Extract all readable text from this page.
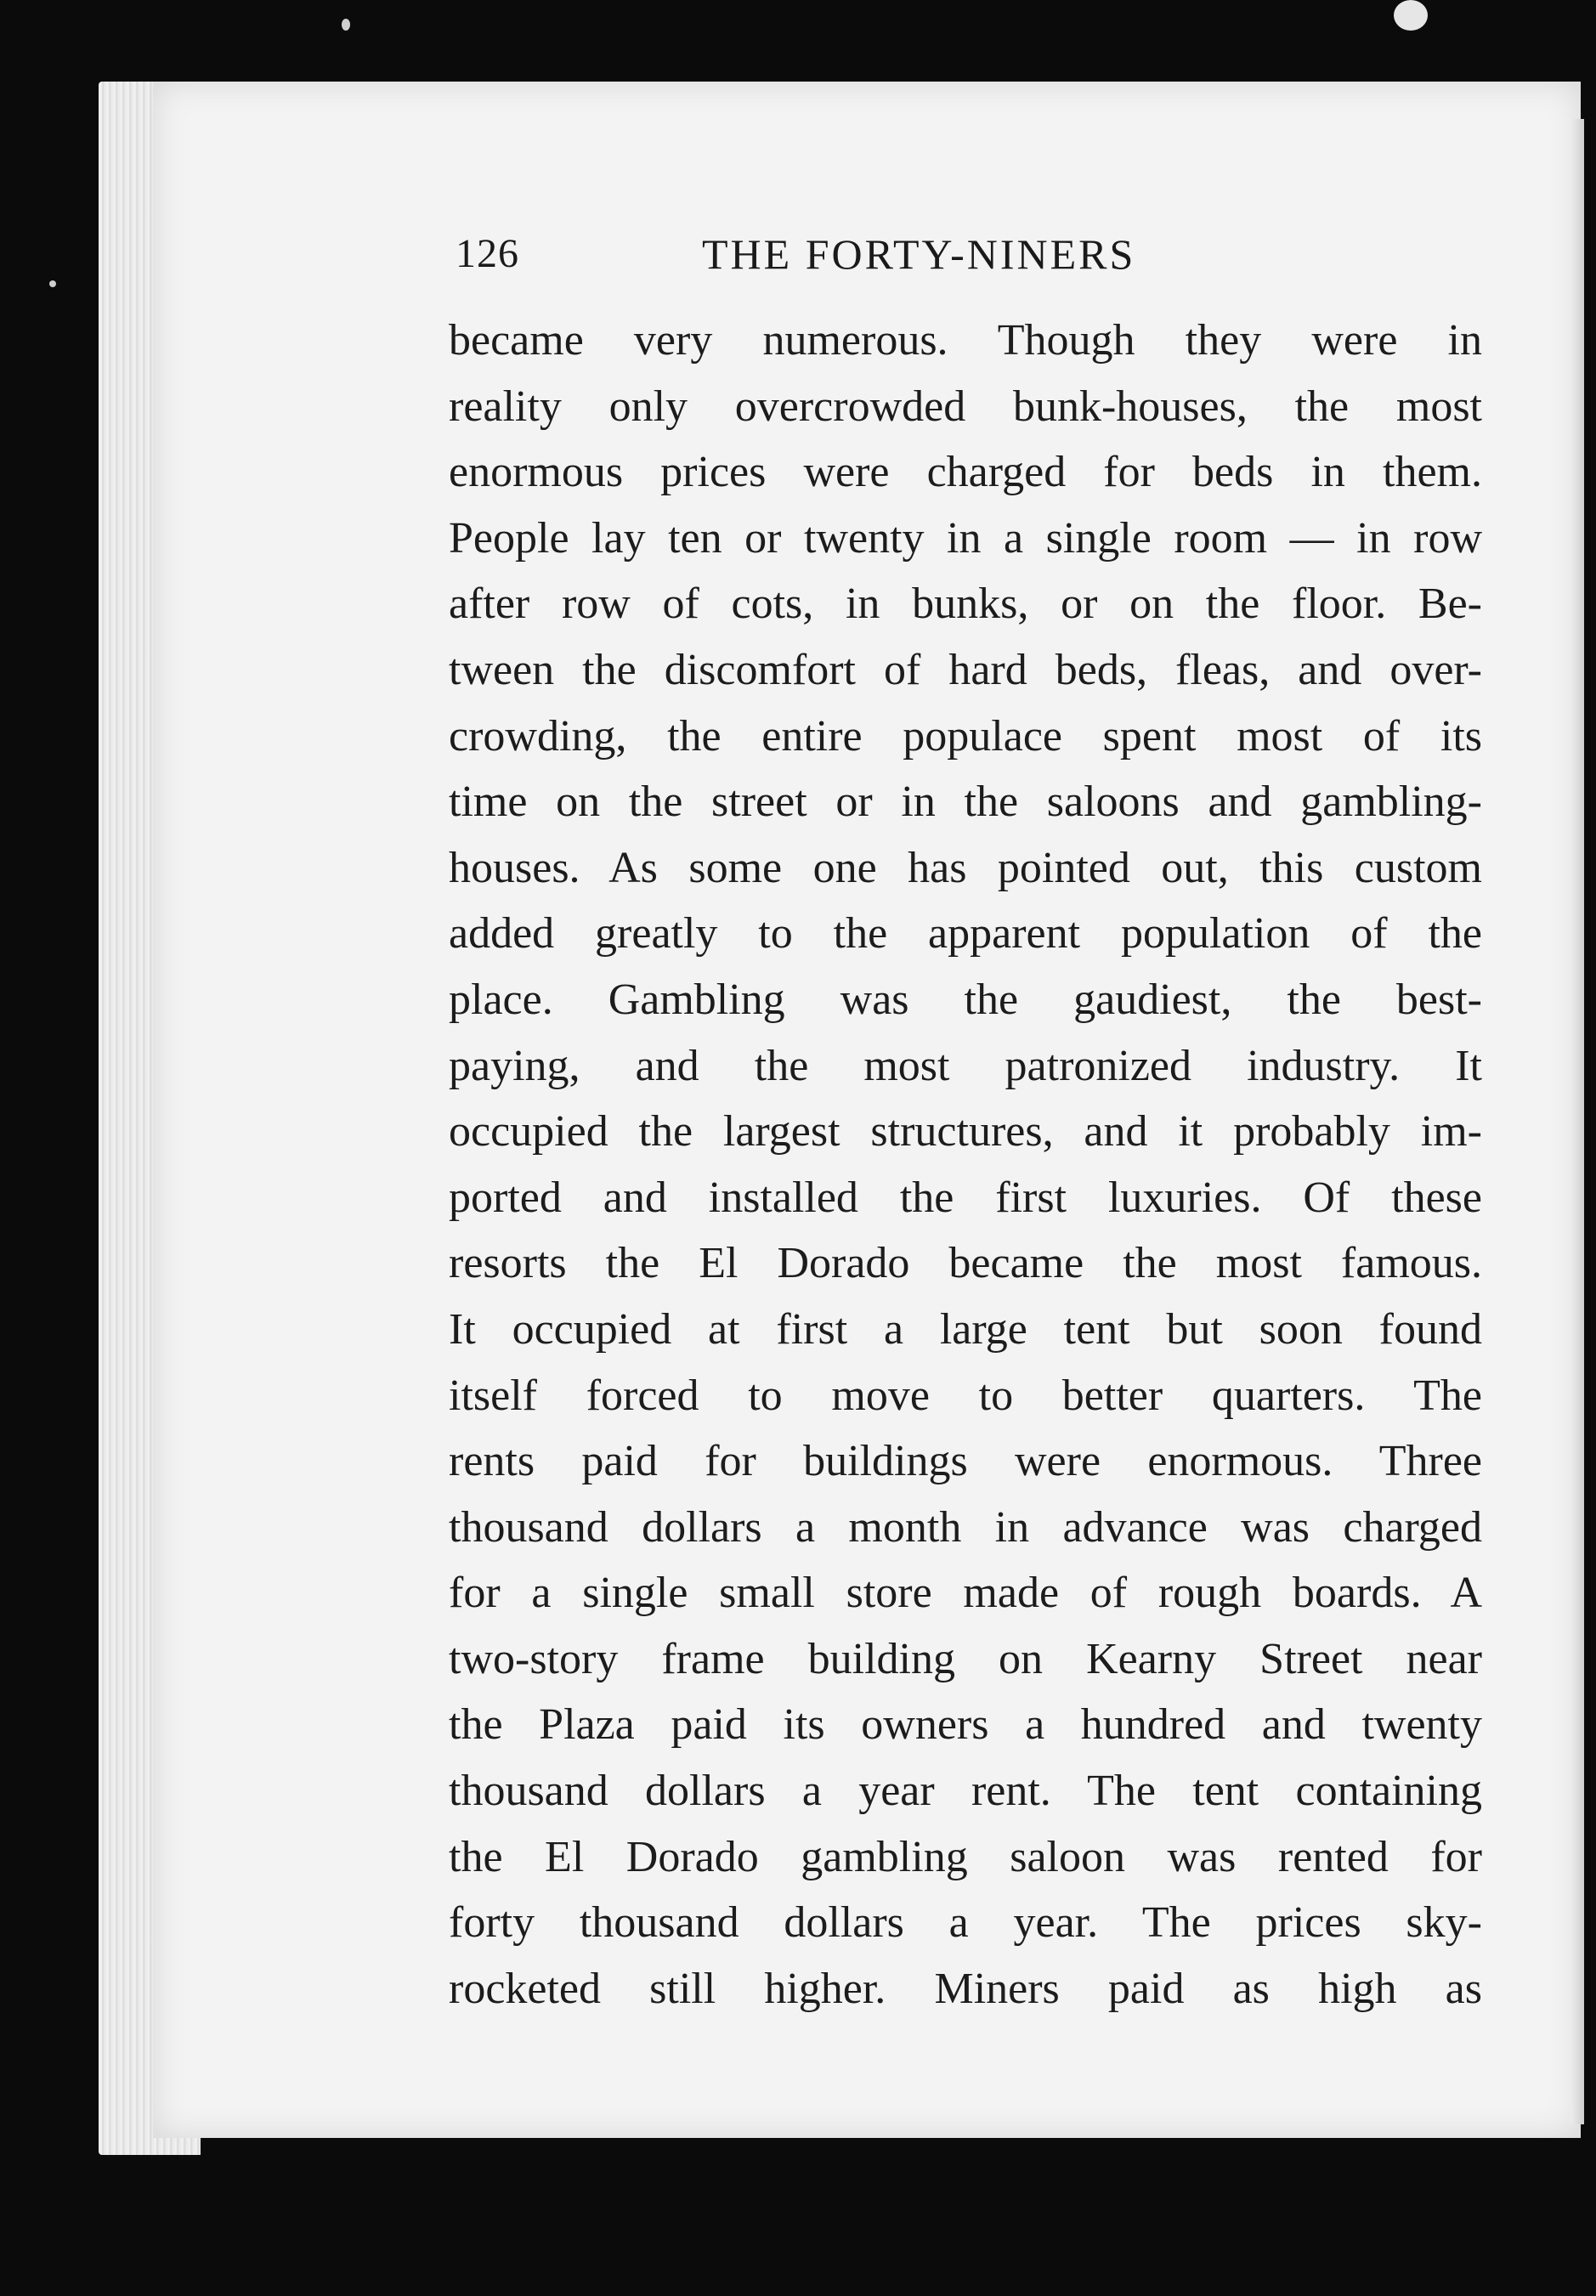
126	THE FORTY-NINERS
became very numerous. Though they were in
reality only overcrowded bunk-houses, the most
enormous prices were charged for beds in them.
People lay ten or twenty in a single room — in row
after row of cots, in bunks, or on the floor. Be-
tween the discomfort of hard beds, fleas, and over-
crowding, the entire populace spent most of its
time on the street or in the saloons and gambling-
houses. As some one has pointed out, this custom
added greatly to the apparent population of the
place. Gambling was the gaudiest, the best-
paying, and the most patronized industry. It
occupied the largest structures, and it probably im-
ported and installed the first luxuries. Of these
resorts the El Dorado became the most famous.
It occupied at first a large tent but soon found
itself forced to move to better quarters. The
rents paid for buildings were enormous. Three
thousand dollars a month in advance was charged
for a single small store made of rough boards. A
two-story frame building on Kearny Street near
the Plaza paid its owners a hundred and twenty
thousand dollars a year rent. The tent containing
the El Dorado gambling saloon was rented for
forty thousand dollars a year. The prices sky-
rocketed still higher. Miners paid as high as
